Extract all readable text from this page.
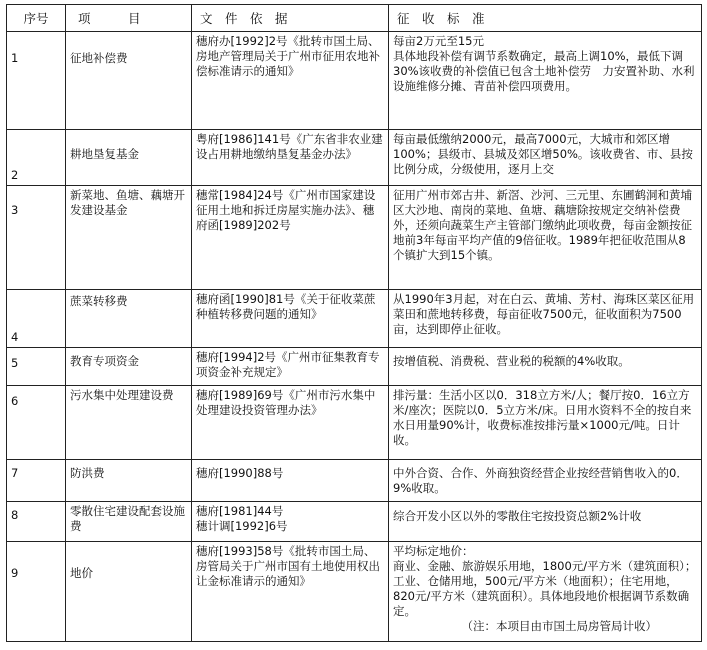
序号	项　　　目	文　件　依　据	征　收　标　准
1	征地补偿费	穗府办[1992]2号《批转市国土局、房地产管理局关于广州市征用农地补偿标准请示的通知》	每亩2万元至15元
具体地段补偿有调节系数确定，最高上调10%，最低下调30%该收费的补偿值已包含土地补偿劳　力安置补助、水利设施维修分摊、青苗补偿四项费用。

2	耕地垦复基金	粤府[1986]141号《广东省非农业建设占用耕地缴纳垦复基金办法》	每亩最低缴纳2000元，最高7000元，大城市和郊区增100%；县级市、县城及郊区增50%。该收费省、市、县按比例分成，分级使用，逐月上交

3	新菜地、鱼塘、藕塘开发建设基金	穗常[1984]24号《广州市国家建设征用土地和拆迁房屋实施办法》、穗府函[1989]202号	征用广州市郊古井、新滘、沙河、三元里、东圃鹤洞和黄埔区大沙地、南岗的菜地、鱼塘、藕塘除按规定交纳补偿费外，还须向蔬菜生产主管部门缴纳此项收费，每亩金额按征地前3年每亩平均产值的9倍征收。1989年把征收范围从8个镇扩大到15个镇。

4	蔗菜转移费	穗府函[1990]81号《关于征收菜蔗种植转移费问题的通知》	从1990年3月起，对在白云、黄埔、芳村、海珠区菜区征用菜田和蔗地转移费，每亩征收7500元，征收面积为7500亩，达到即停止征收。

5	教育专项资金	穗府[1994]2号《广州市征集教育专项资金补充规定》	按增值税、消费税、营业税的税额的4%收取。

6	污水集中处理建设费	穗府[1989]69号《广州市污水集中处理建设投资管理办法》	排污量：生活小区以0．318立方米/人；餐厅按0．16立方米/座次；医院以0．5立方米/床。日用水资料不全的按自来水日用量90%计，收费标准按排污量×1000元/吨。日计收。

7	防洪费	穗府[1990]88号	中外合资、合作、外商独资经营企业按经营销售收入的0．9%收取。

8	零散住宅建设配套设施费	穗府[1981]44号
穗计调[1992]6号	综合开发小区以外的零散住宅按投资总额2%计收

9	地价	穗府[1993]58号《批转市国土局、房管局关于广州市国有土地使用权出让金标准请示的通知》	平均标定地价：
商业、金融、旅游娱乐用地，1800元/平方米（建筑面积）；工业、仓储用地，500元/平方米（地面积）；住宅用地，820元/平方米（建筑面积）。具体地段地价根据调节系数确定。
（注：本项目由市国土局房管局计收）
